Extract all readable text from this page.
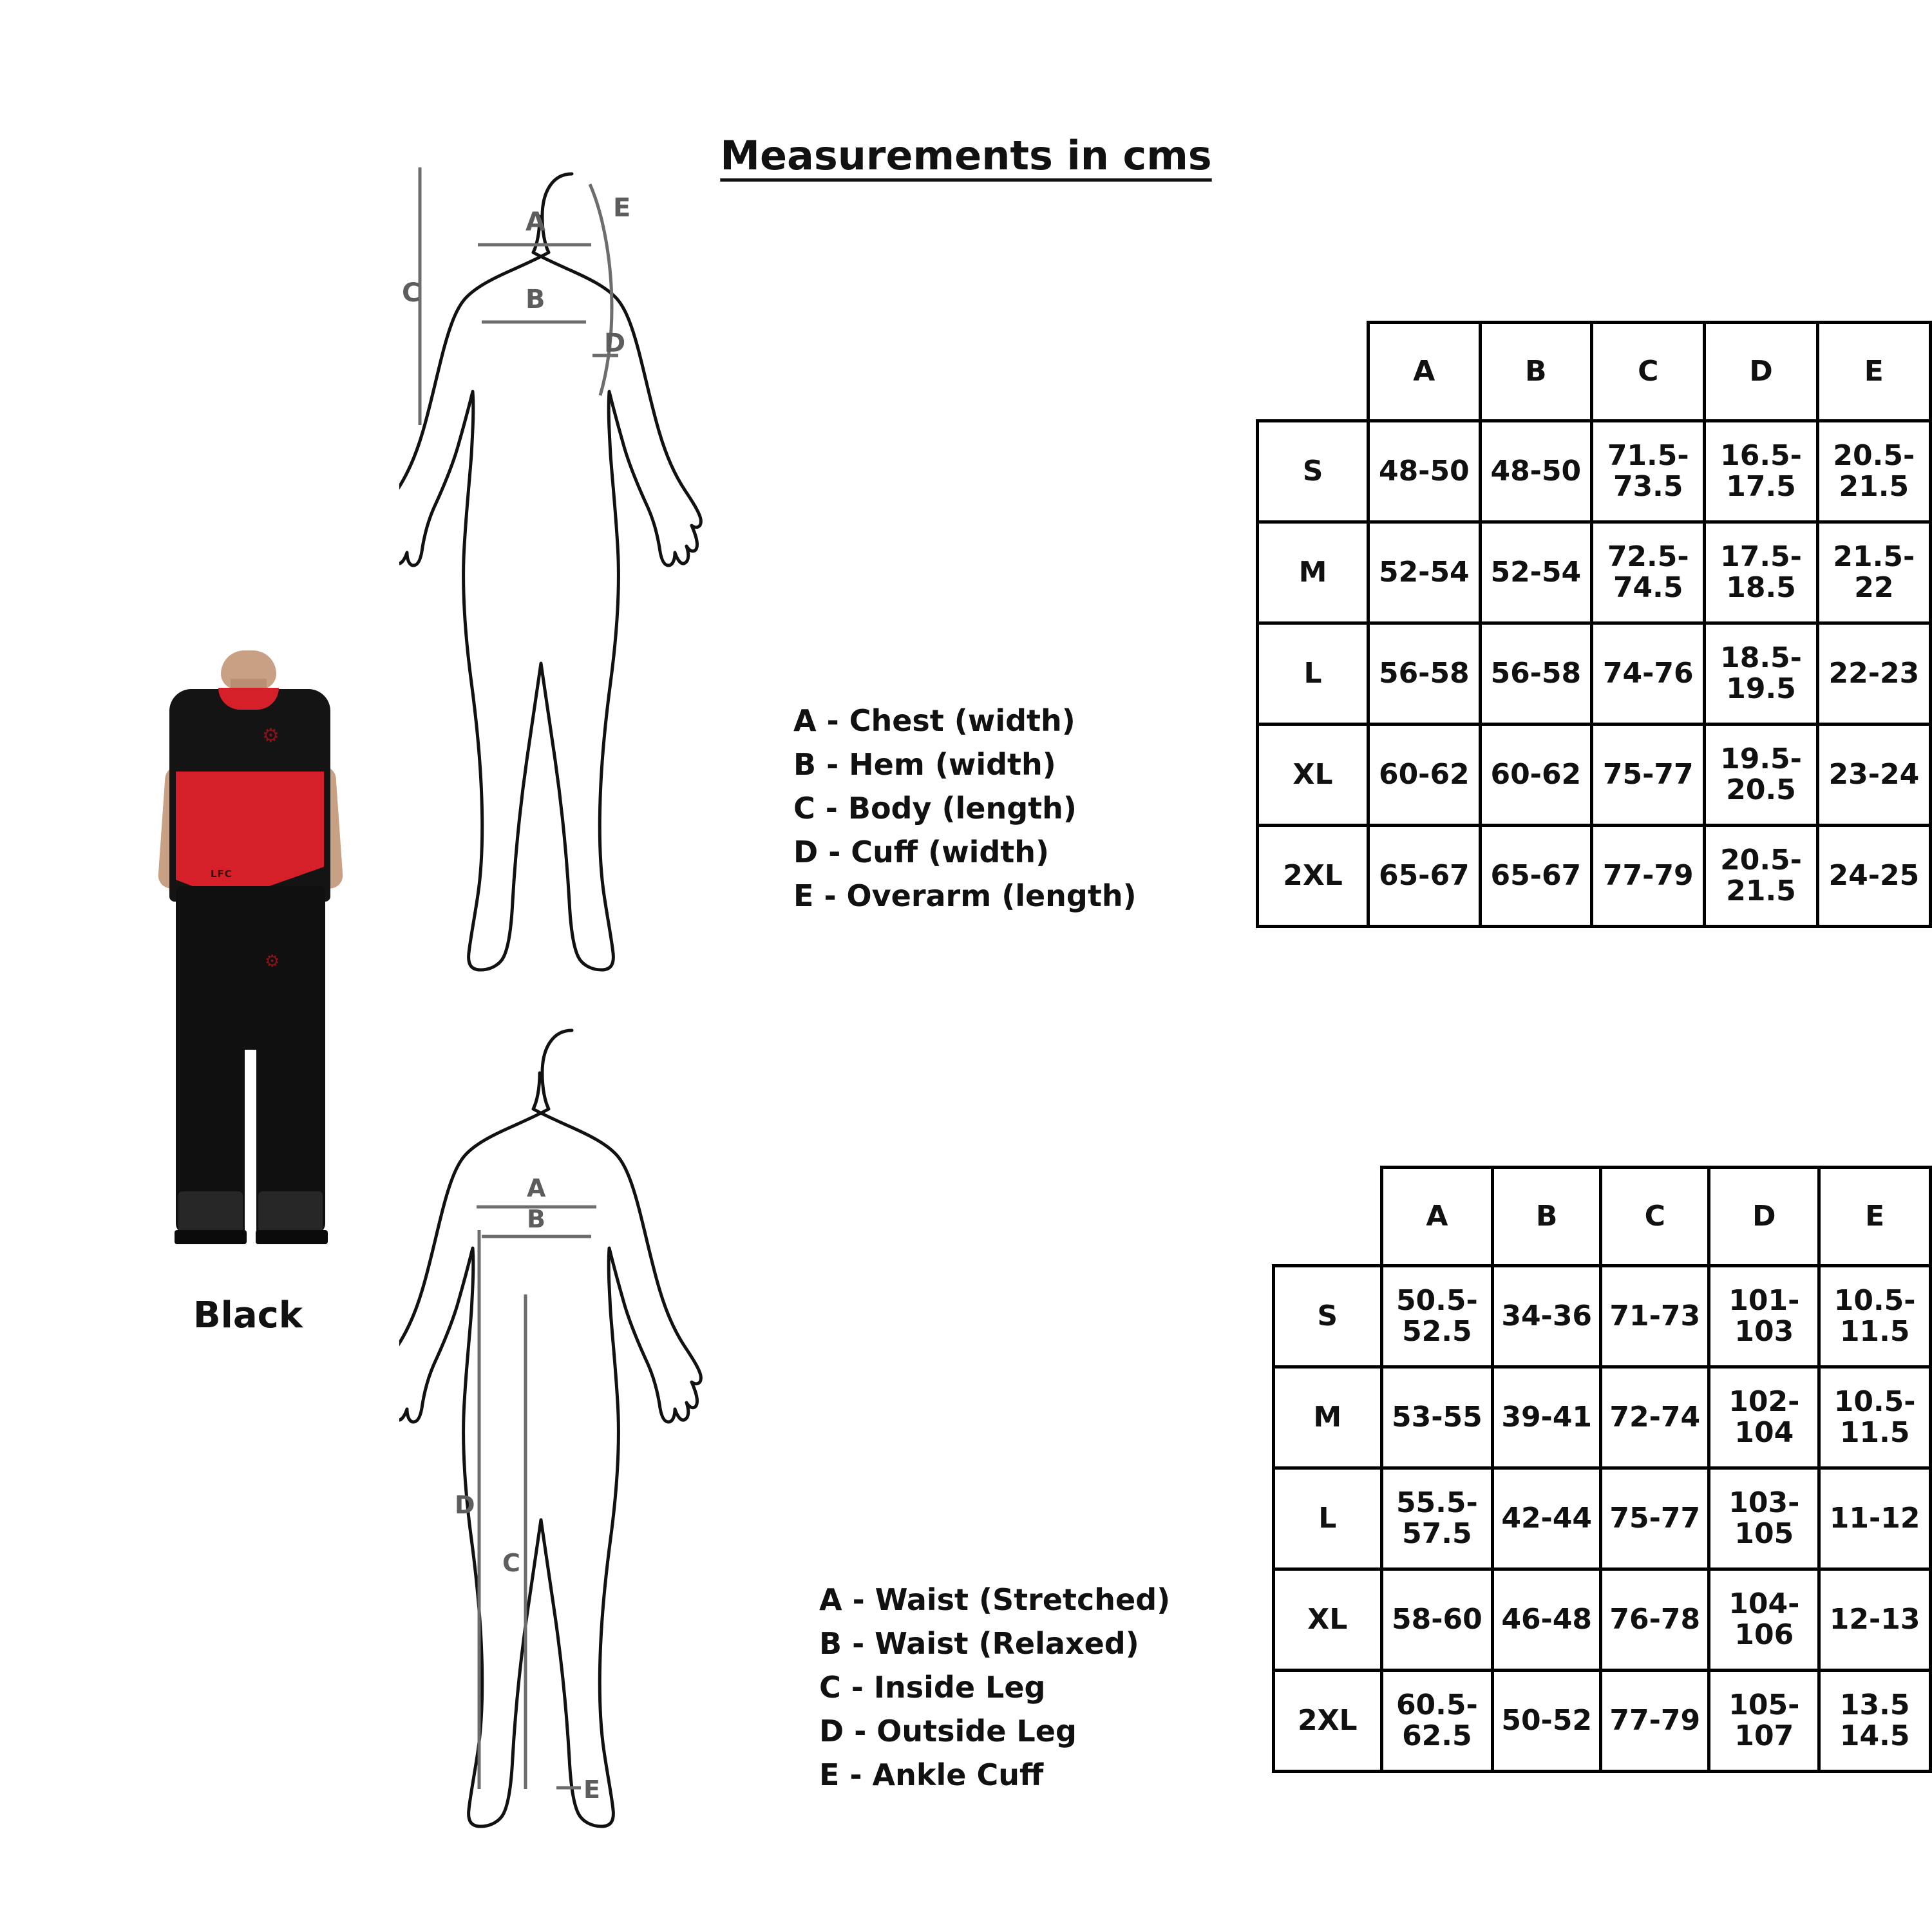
Measurements in cms
⚙
LFC
⚙
Black
C
A
B
E
D
A - Chest (width)
B - Hem (width)
C - Body (length)
D - Cuff (width)
E - Overarm (length)
A
B
D
C
E
A - Waist (Stretched)
B - Waist (Relaxed)
C - Inside Leg
D - Outside Leg
E - Ankle Cuff
	A	B	C	D	E
S	48-50	48-50	71.5-73.5	16.5-17.5	20.5-21.5
M	52-54	52-54	72.5-74.5	17.5-18.5	21.5-22
L	56-58	56-58	74-76	18.5-19.5	22-23
XL	60-62	60-62	75-77	19.5-20.5	23-24
2XL	65-67	65-67	77-79	20.5-21.5	24-25
	A	B	C	D	E
S	50.5-52.5	34-36	71-73	101-103	10.5-11.5
M	53-55	39-41	72-74	102-104	10.5-11.5
L	55.5-57.5	42-44	75-77	103-105	11-12
XL	58-60	46-48	76-78	104-106	12-13
2XL	60.5-62.5	50-52	77-79	105-107	13.5 14.5
